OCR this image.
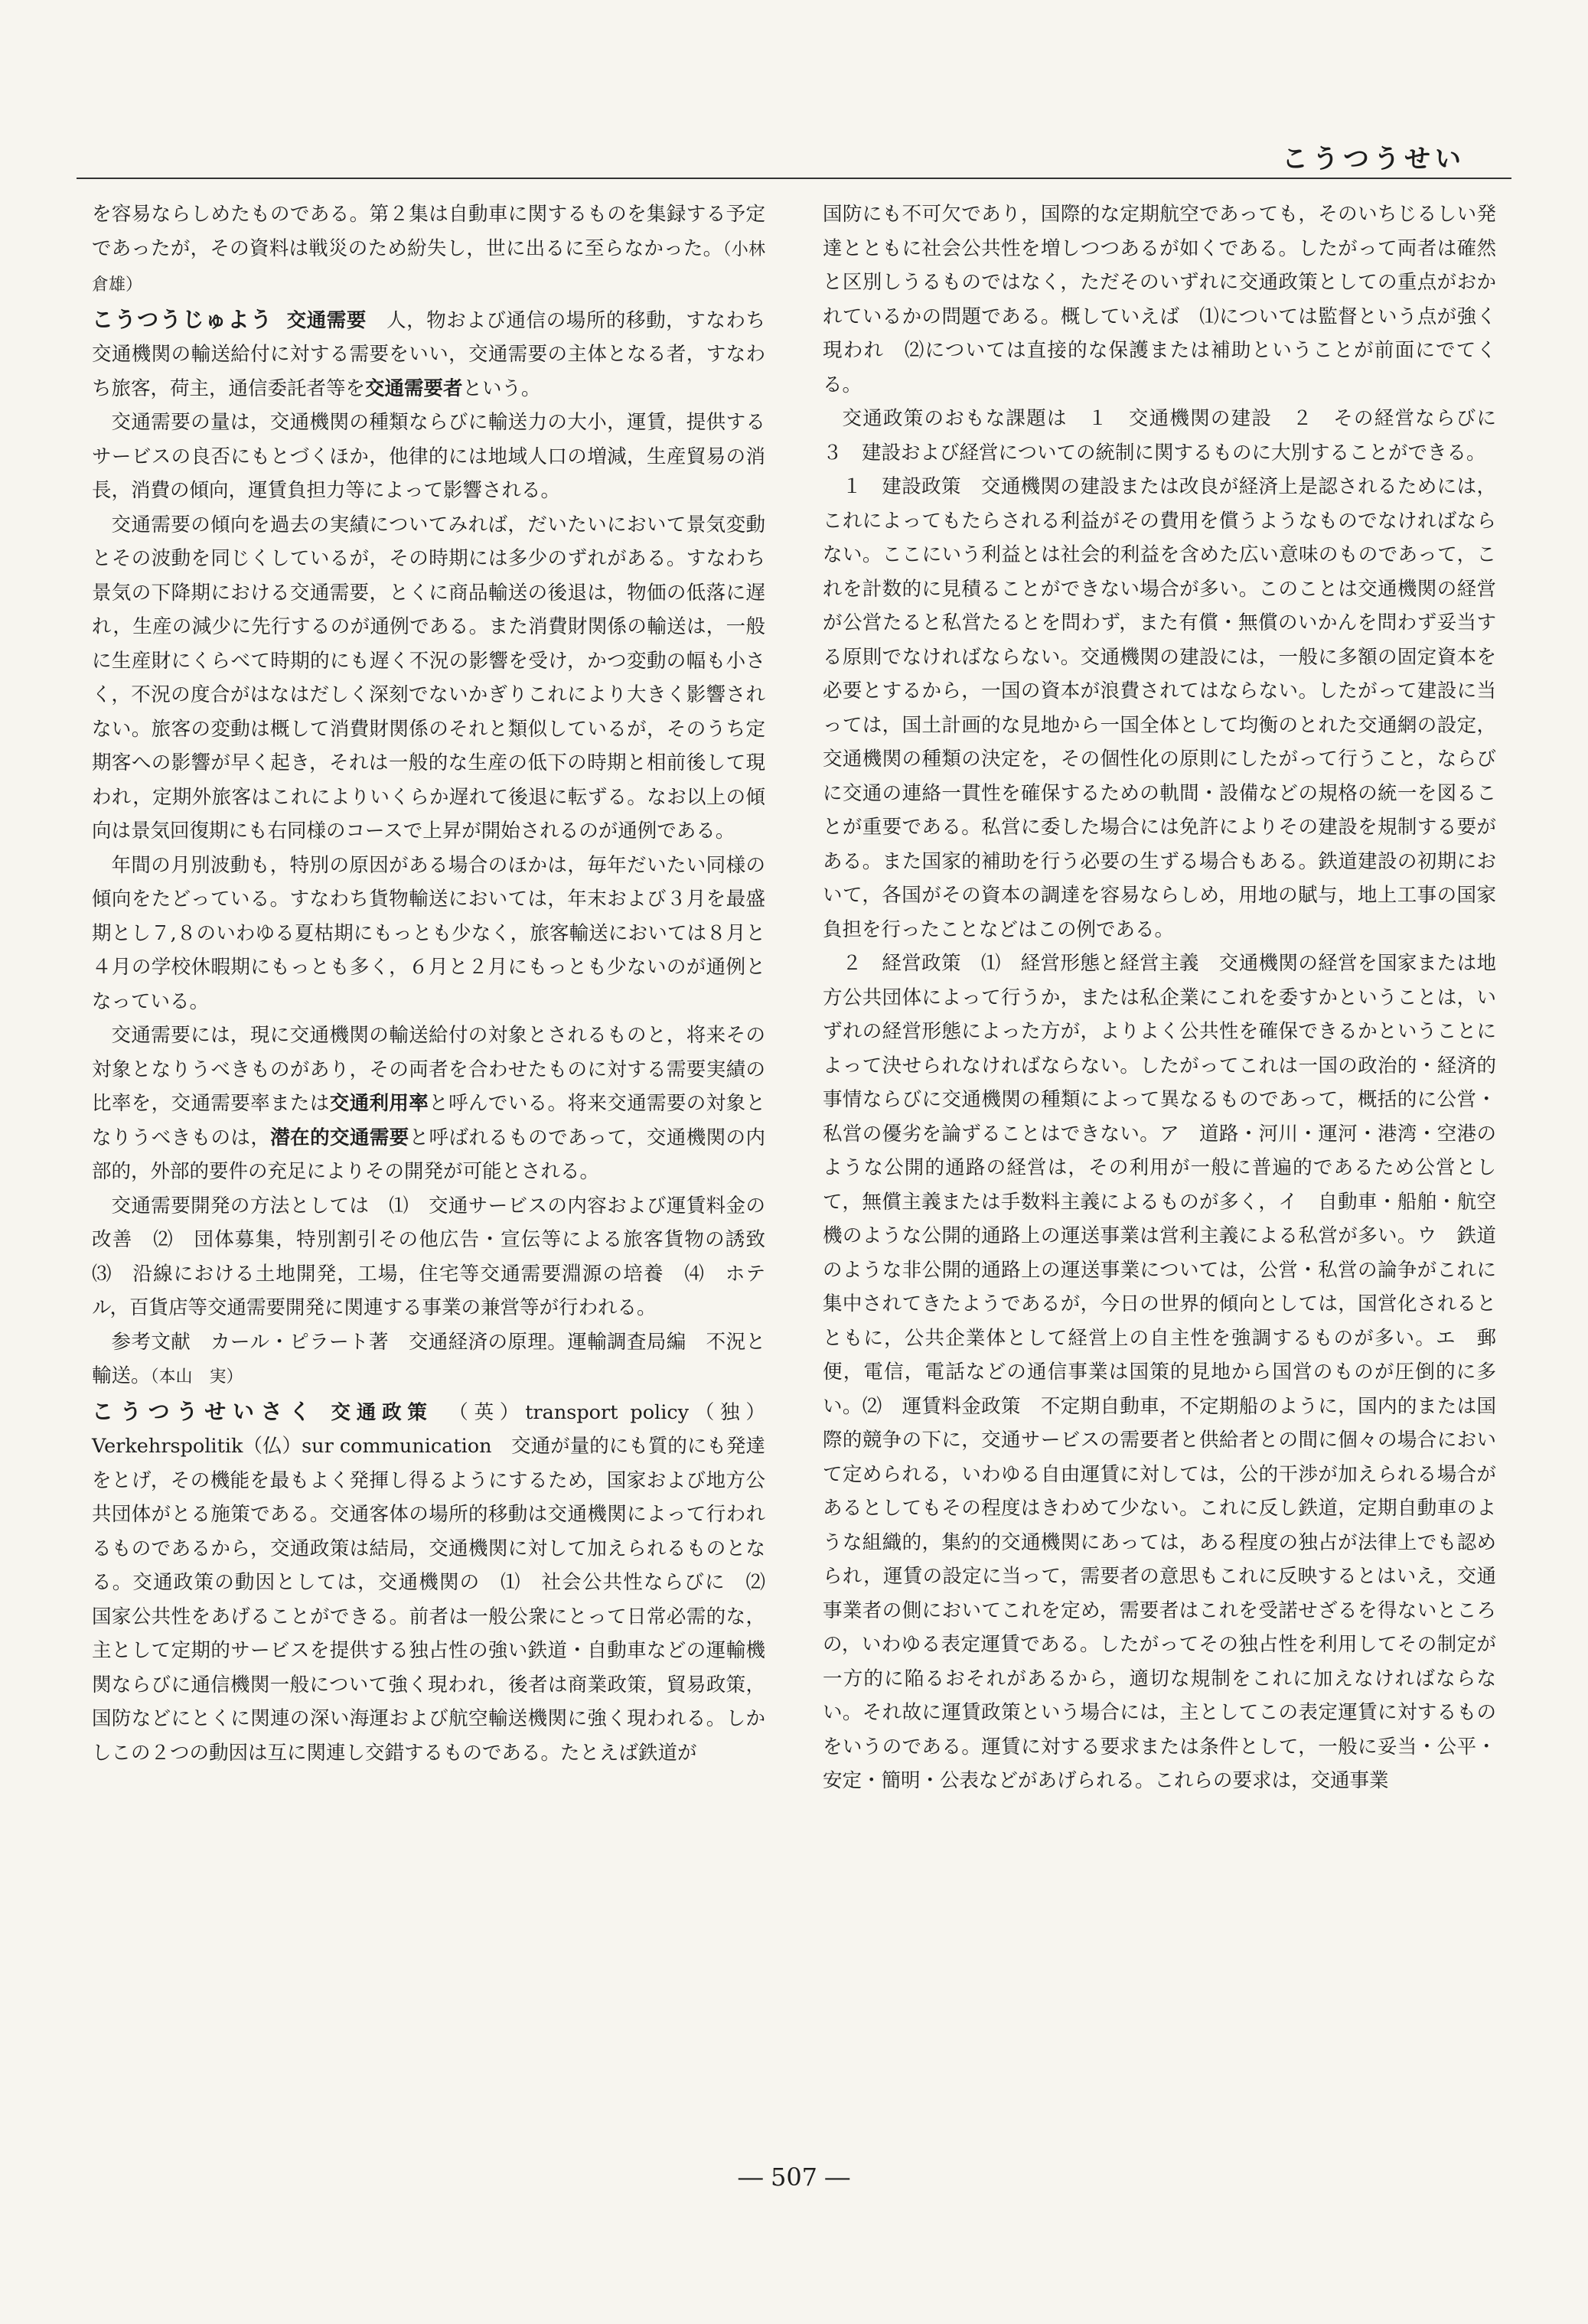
こうつうせい

を容易ならしめたものである。第２集は自動車に関するものを集録する予定であったが，その資料は戦災のため紛失し，世に出るに至らなかった。（小林倉雄）

こうつうじゅよう 交通需要　 人，物および通信の場所的移動，すなわち交通機関の輸送給付に対する需要をいい，交通需要の主体となる者，すなわち旅客，荷主，通信委託者等を交通需要者という。

交通需要の量は，交通機関の種類ならびに輸送力の大小，運賃，提供するサービスの良否にもとづくほか，他律的には地域人口の増減，生産貿易の消長，消費の傾向，運賃負担力等によって影響される。

交通需要の傾向を過去の実績についてみれば，だいたいにおいて景気変動とその波動を同じくしているが，その時期には多少のずれがある。すなわち景気の下降期における交通需要，とくに商品輸送の後退は，物価の低落に遅れ，生産の減少に先行するのが通例である。また消費財関係の輸送は，一般に生産財にくらべて時期的にも遅く不況の影響を受け，かつ変動の幅も小さく，不況の度合がはなはだしく深刻でないかぎりこれにより大きく影響されない。旅客の変動は概して消費財関係のそれと類似しているが，そのうち定期客への影響が早く起き，それは一般的な生産の低下の時期と相前後して現われ，定期外旅客はこれによりいくらか遅れて後退に転ずる。なお以上の傾向は景気回復期にも右同様のコースで上昇が開始されるのが通例である。

年間の月別波動も，特別の原因がある場合のほかは，毎年だいたい同様の傾向をたどっている。すなわち貨物輸送においては，年末および３月を最盛期とし７,８のいわゆる夏枯期にもっとも少なく，旅客輸送においては８月と４月の学校休暇期にもっとも多く，６月と２月にもっとも少ないのが通例となっている。

交通需要には，現に交通機関の輸送給付の対象とされるものと，将来その対象となりうべきものがあり，その両者を合わせたものに対する需要実績の比率を，交通需要率または交通利用率と呼んでいる。将来交通需要の対象となりうべきものは，潜在的交通需要と呼ばれるものであって，交通機関の内部的，外部的要件の充足によりその開発が可能とされる。

交通需要開発の方法としては　⑴　交通サービスの内容および運賃料金の改善　⑵　団体募集，特別割引その他広告・宣伝等による旅客貨物の誘致　⑶　沿線における土地開発，工場，住宅等交通需要淵源の培養　⑷　ホテル，百貨店等交通需要開発に関連する事業の兼営等が行われる。

参考文献　カール・ピラート著　交通経済の原理。運輸調査局編　不況と輸送。（本山　実）

こうつうせいさく 交通政策　 （英）transport policy（独）Verkehrspolitik（仏）sur communication　交通が量的にも質的にも発達をとげ，その機能を最もよく発揮し得るようにするため，国家および地方公共団体がとる施策である。交通客体の場所的移動は交通機関によって行われるものであるから，交通政策は結局，交通機関に対して加えられるものとなる。交通政策の動因としては，交通機関の　⑴　社会公共性ならびに　⑵　国家公共性をあげることができる。前者は一般公衆にとって日常必需的な，主として定期的サービスを提供する独占性の強い鉄道・自動車などの運輸機関ならびに通信機関一般について強く現われ，後者は商業政策，貿易政策，国防などにとくに関連の深い海運および航空輸送機関に強く現われる。しかしこの２つの動因は互に関連し交錯するものである。たとえば鉄道が

国防にも不可欠であり，国際的な定期航空であっても，そのいちじるしい発達とともに社会公共性を増しつつあるが如くである。したがって両者は確然と区別しうるものではなく，ただそのいずれに交通政策としての重点がおかれているかの問題である。概していえば　⑴については監督という点が強く現われ　⑵については直接的な保護または補助ということが前面にでてくる。

交通政策のおもな課題は　１　交通機関の建設　２　その経営ならびに　３　建設および経営についての統制に関するものに大別することができる。

１　建設政策　交通機関の建設または改良が経済上是認されるためには，これによってもたらされる利益がその費用を償うようなものでなければならない。ここにいう利益とは社会的利益を含めた広い意味のものであって，これを計数的に見積ることができない場合が多い。このことは交通機関の経営が公営たると私営たるとを問わず，また有償・無償のいかんを問わず妥当する原則でなければならない。交通機関の建設には，一般に多額の固定資本を必要とするから，一国の資本が浪費されてはならない。したがって建設に当っては，国土計画的な見地から一国全体として均衡のとれた交通網の設定，交通機関の種類の決定を，その個性化の原則にしたがって行うこと，ならびに交通の連絡一貫性を確保するための軌間・設備などの規格の統一を図ることが重要である。私営に委した場合には免許によりその建設を規制する要がある。また国家的補助を行う必要の生ずる場合もある。鉄道建設の初期において，各国がその資本の調達を容易ならしめ，用地の賦与，地上工事の国家負担を行ったことなどはこの例である。

２　経営政策　⑴　経営形態と経営主義　交通機関の経営を国家または地方公共団体によって行うか，または私企業にこれを委すかということは，いずれの経営形態によった方が，よりよく公共性を確保できるかということによって決せられなければならない。したがってこれは一国の政治的・経済的事情ならびに交通機関の種類によって異なるものであって，概括的に公営・私営の優劣を論ずることはできない。ア　道路・河川・運河・港湾・空港のような公開的通路の経営は，その利用が一般に普遍的であるため公営として，無償主義または手数料主義によるものが多く，イ　自動車・船舶・航空機のような公開的通路上の運送事業は営利主義による私営が多い。ウ　鉄道のような非公開的通路上の運送事業については，公営・私営の論争がこれに集中されてきたようであるが，今日の世界的傾向としては，国営化されるとともに，公共企業体として経営上の自主性を強調するものが多い。エ　郵便，電信，電話などの通信事業は国策的見地から国営のものが圧倒的に多い。⑵　運賃料金政策　不定期自動車，不定期船のように，国内的または国際的競争の下に，交通サービスの需要者と供給者との間に個々の場合において定められる，いわゆる自由運賃に対しては，公的干渉が加えられる場合があるとしてもその程度はきわめて少ない。これに反し鉄道，定期自動車のような組織的，集約的交通機関にあっては，ある程度の独占が法律上でも認められ，運賃の設定に当って，需要者の意思もこれに反映するとはいえ，交通事業者の側においてこれを定め，需要者はこれを受諾せざるを得ないところの，いわゆる表定運賃である。したがってその独占性を利用してその制定が一方的に陥るおそれがあるから，適切な規制をこれに加えなければならない。それ故に運賃政策という場合には，主としてこの表定運賃に対するものをいうのである。運賃に対する要求または条件として，一般に妥当・公平・安定・簡明・公表などがあげられる。これらの要求は，交通事業

― 507 ―
